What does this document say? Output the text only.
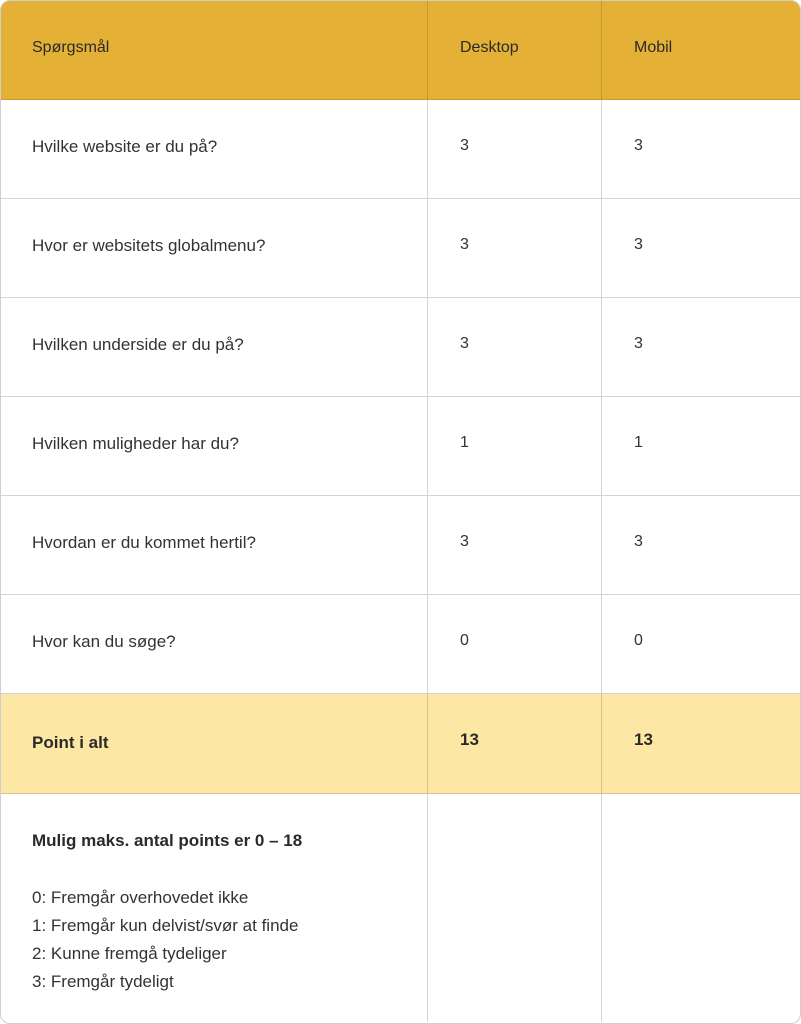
Spørgsmål	Desktop	Mobil
Hvilke website er du på?	3	3
Hvor er websitets globalmenu?	3	3
Hvilken underside er du på?	3	3
Hvilken muligheder har du?	1	1
Hvordan er du kommet hertil?	3	3
Hvor kan du søge?	0	0
Point i alt	13	13
Mulig maks. antal points er 0 – 18
0: Fremgår overhovedet ikke
1: Fremgår kun delvist/svør at finde
2: Kunne fremgå tydeliger
3: Fremgår tydeligt
